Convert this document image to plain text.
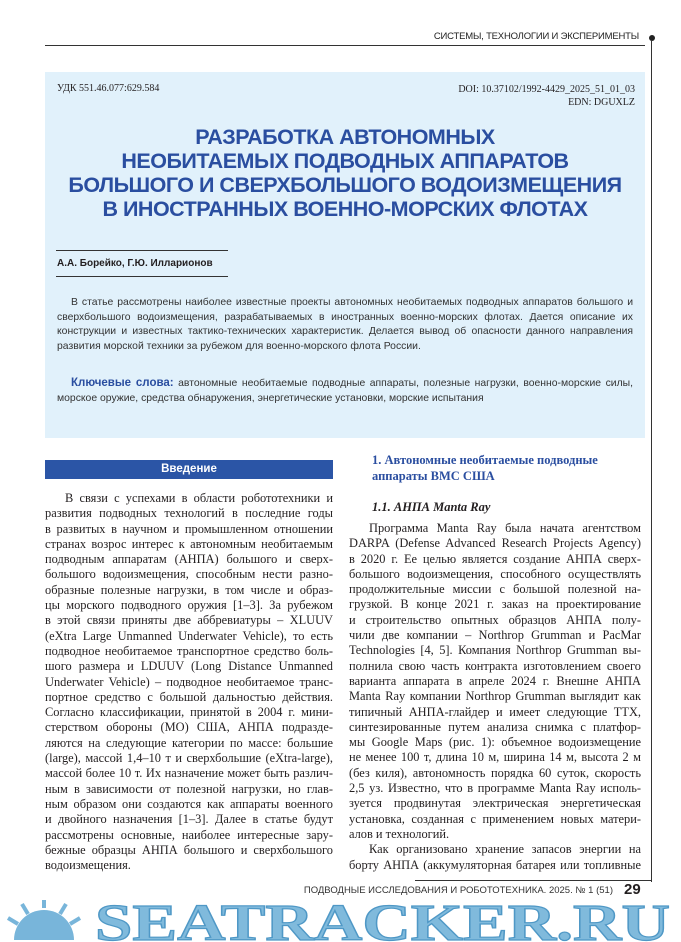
СИСТЕМЫ, ТЕХНОЛОГИИ И ЭКСПЕРИМЕНТЫ
УДК 551.46.077:629.584	DOI: 10.37102/1992-4429_2025_51_01_03
EDN: DGUXLZ
РАЗРАБОТКА АВТОНОМНЫХ
НЕОБИТАЕМЫХ ПОДВОДНЫХ АППАРАТОВ
БОЛЬШОГО И СВЕРХБОЛЬШОГО ВОДОИЗМЕЩЕНИЯ
В ИНОСТРАННЫХ ВОЕННО-МОРСКИХ ФЛОТАХ
А.А. Борейко, Г.Ю. Илларионов

В статье рассмотрены наиболее известные проекты автономных необитаемых подводных аппаратов большого и сверхбольшого водоизмещения, разрабатываемых в иностранных военно-морских флотах. Дается описание их конструкции и известных тактико-технических характеристик. Делается вывод об опасности данного направления развития морской техники за рубежом для военно-морского флота России.

Ключевые слова: автономные необитаемые подводные аппараты, полезные нагрузки, военно-морские силы, морское оружие, средства обнаружения, энергетические установки, морские испытания
Введение
В связи с успехами в области робототехники и
развития подводных технологий в последние годы
в развитых в научном и промышленном отношении
странах возрос интерес к автономным необитаемым
подводным аппаратам (АНПА) большого и сверх-
большого водоизмещения, способным нести разно-
образные полезные нагрузки, в том числе и образ-
цы морского подводного оружия [1–3]. За рубежом
в этой связи приняты две аббревиатуры – XLUUV
(eXtra Large Unmanned Underwater Vehicle), то есть
подводное необитаемое транспортное средство боль-
шого размера и LDUUV (Long Distance Unmanned
Underwater Vehicle) – подводное необитаемое транс-
портное средство с большой дальностью действия.
Согласно классификации, принятой в 2004 г. мини-
стерством обороны (МО) США, АНПА подразде-
ляются на следующие категории по массе: большие
(large), массой 1,4–10 т и сверхбольшие (eXtra-large),
массой более 10 т. Их назначение может быть различ-
ным в зависимости от полезной нагрузки, но глав-
ным образом они создаются как аппараты военного
и двойного назначения [1–3]. Далее в статье будут
рассмотрены основные, наиболее интересные зару-
бежные образцы АНПА большого и сверхбольшого
водоизмещения.
1. Автономные необитаемые подводные аппараты ВМС США
1.1. АНПА Manta Ray
Программа Manta Ray была начата агентством
DARPA (Defense Advanced Research Projects Agency)
в 2020 г. Ее целью является создание АНПА сверх-
большого водоизмещения, способного осуществлять
продолжительные миссии с большой полезной на-
грузкой. В конце 2021 г. заказ на проектирование
и строительство опытных образцов АНПА полу-
чили две компании – Northrop Grumman и PacMar
Technologies [4, 5]. Компания Northrop Grumman вы-
полнила свою часть контракта изготовлением своего
варианта аппарата в апреле 2024 г. Внешне АНПА
Manta Ray компании Northrop Grumman выглядит как
типичный АНПА-глайдер и имеет следующие ТТХ,
синтезированные путем анализа снимка с платфор-
мы Google Maps (рис. 1): объемное водоизмещение
не менее 100 т, длина 10 м, ширина 14 м, высота 2 м
(без киля), автономность порядка 60 суток, скорость
2,5 уз. Известно, что в программе Manta Ray исполь-
зуется продвинутая электрическая энергетическая
установка, созданная с применением новых матери-
алов и технологий.
Как организовано хранение запасов энергии на
борту АНПА (аккумуляторная батарея или топливные
ПОДВОДНЫЕ ИССЛЕДОВАНИЯ И РОБОТОТЕХНИКА. 2025. № 1 (51) 29
SEATRACKER.RU
